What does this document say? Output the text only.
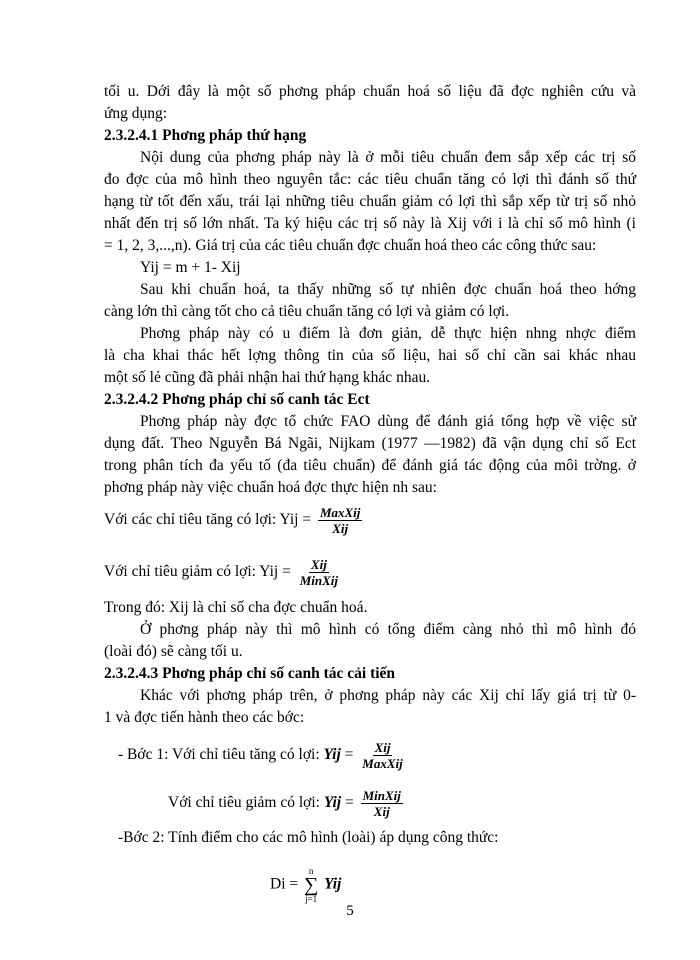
tối u. Dới đây là một số phơng pháp chuẩn hoá số liệu đã đợc nghiên cứu và
ứng dụng:
2.3.2.4.1 Phơng pháp thứ hạng
Nội dung của phơng pháp này là ở mỗi tiêu chuẩn đem sắp xếp các trị số
đo đợc của mô hình theo nguyên tắc: các tiêu chuẩn tăng có lợi thì đánh số thứ
hạng từ tốt đến xấu, trái lại những tiêu chuẩn giảm có lợi thì sắp xếp từ trị số nhỏ
nhất đến trị số lớn nhất. Ta ký hiệu các trị số này là Xij với i là chỉ số mô hình (i
= 1, 2, 3,...,n). Giá trị của các tiêu chuẩn đợc chuẩn hoá theo các công thức sau:
Yij = m + 1- Xij
Sau khi chuẩn hoá, ta thấy những số tự nhiên đợc chuẩn hoá theo hớng
càng lớn thì càng tốt cho cả tiêu chuẩn tăng có lợi và giảm có lợi.
Phơng pháp này có u điểm là đơn giản, dễ thực hiện nhng nhợc điểm
là cha khai thác hết lợng thông tin của số liệu, hai số chỉ cần sai khác nhau
một số lẻ cũng đã phải nhận hai thứ hạng khác nhau.
2.3.2.4.2 Phơng pháp chỉ số canh tác Ect
Phơng pháp này đợc tổ chức FAO dùng để đánh giá tổng hợp về việc sử
dụng đất. Theo Nguyễn Bá Ngãi, Nijkam (1977 —1982) đã vận dụng chỉ số Ect
trong phân tích đa yếu tố (đa tiêu chuẩn) để đánh giá tác động của môi trờng. ở
phơng pháp này việc chuẩn hoá đợc thực hiện nh sau:
Với các chỉ tiêu tăng có lợi: Yij = $\frac{\text{MaxXij}}{\text{Xij}}$
Với chỉ tiêu giảm có lợi: Yij = $\frac{\text{Xij}}{\text{MinXij}}$
Trong đó: Xij là chỉ số cha đợc chuẩn hoá.
Ở phơng pháp này thì mô hình có tổng điểm càng nhỏ thì mô hình đó
(loài đó) sẽ càng tối u.
2.3.2.4.3 Phơng pháp chỉ số canh tác cải tiến
Khác với phơng pháp trên, ở phơng pháp này các Xij chỉ lấy giá trị từ 0-
1 và đợc tiến hành theo các bớc:
- Bớc 1: Với chỉ tiêu tăng có lợi: Yij = $\frac{\text{Xij}}{\text{MaxXij}}$
Với chỉ tiêu giảm có lợi: Yij = $\frac{\text{MinXij}}{\text{Xij}}$
-Bớc 2: Tính điểm cho các mô hình (loài) áp dụng công thức:
Di =
n
∑
j=1
Yij
5
